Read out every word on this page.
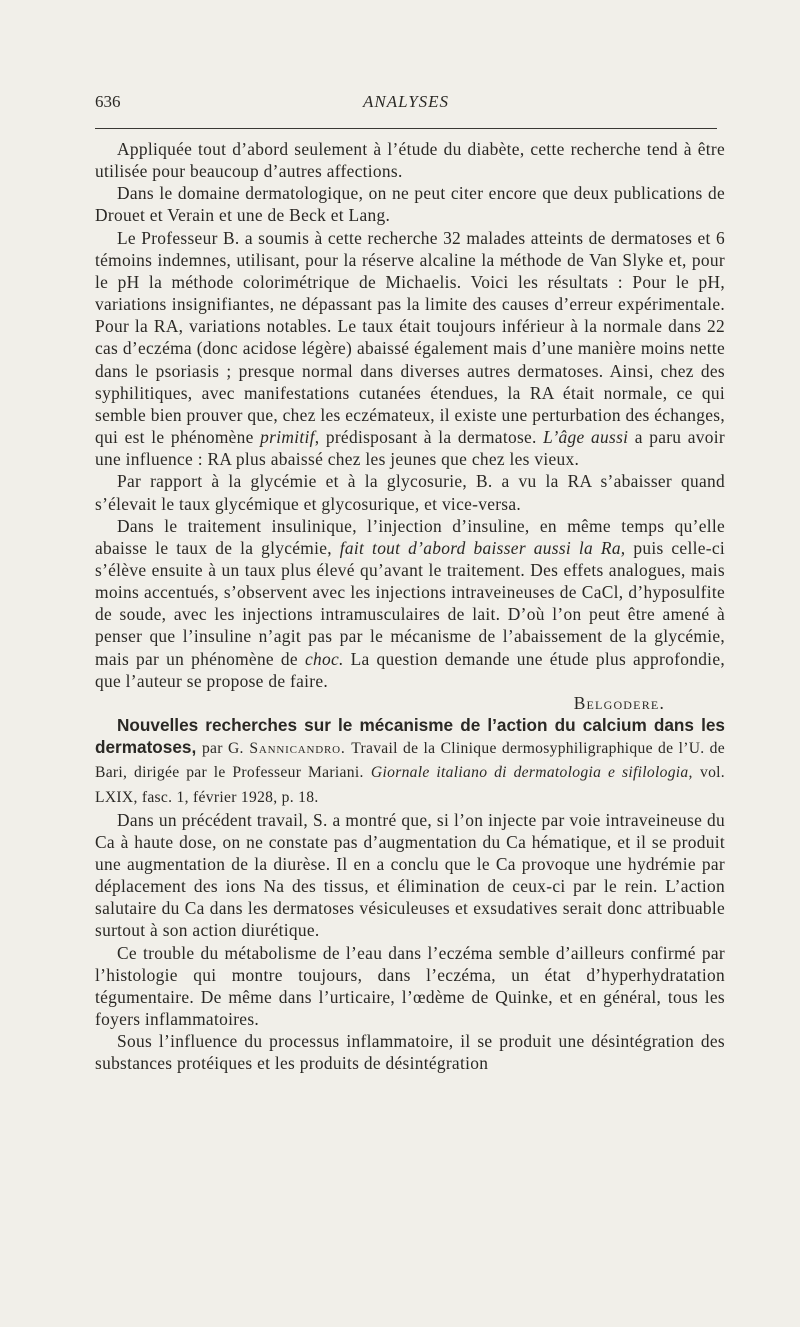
636	ANALYSES

Appliquée tout d’abord seulement à l’étude du diabète, cette recherche tend à être utilisée pour beaucoup d’autres affections.

Dans le domaine dermatologique, on ne peut citer encore que deux publications de Drouet et Verain et une de Beck et Lang.

Le Professeur B. a soumis à cette recherche 32 malades atteints de dermatoses et 6 témoins indemnes, utilisant, pour la réserve alcaline la méthode de Van Slyke et, pour le pH la méthode colorimétrique de Michaelis. Voici les résultats : Pour le pH, variations insignifiantes, ne dépassant pas la limite des causes d’erreur expérimentale. Pour la RA, variations notables. Le taux était toujours inférieur à la normale dans 22 cas d’eczéma (donc acidose légère) abaissé également mais d’une manière moins nette dans le psoriasis ; presque normal dans diverses autres dermatoses. Ainsi, chez des syphilitiques, avec manifestations cutanées étendues, la RA était normale, ce qui semble bien prouver que, chez les eczémateux, il existe une perturbation des échanges, qui est le phénomène primitif, prédisposant à la dermatose. L’âge aussi a paru avoir une influence : RA plus abaissé chez les jeunes que chez les vieux.

Par rapport à la glycémie et à la glycosurie, B. a vu la RA s’abaisser quand s’élevait le taux glycémique et glycosurique, et vice-versa.

Dans le traitement insulinique, l’injection d’insuline, en même temps qu’elle abaisse le taux de la glycémie, fait tout d’abord baisser aussi la Ra, puis celle-ci s’élève ensuite à un taux plus élevé qu’avant le traitement. Des effets analogues, mais moins accentués, s’observent avec les injections intraveineuses de CaCl, d’hyposulfite de soude, avec les injections intramusculaires de lait. D’où l’on peut être amené à penser que l’insuline n’agit pas par le mécanisme de l’abaissement de la glycémie, mais par un phénomène de choc. La question demande une étude plus approfondie, que l’auteur se propose de faire.

Belgodere.

Nouvelles recherches sur le mécanisme de l’action du calcium dans les dermatoses, par G. Sannicandro. Travail de la Clinique dermosyphiligraphique de l’U. de Bari, dirigée par le Professeur Mariani. Giornale italiano di dermatologia e sifilologia, vol. LXIX, fasc. 1, février 1928, p. 18.

Dans un précédent travail, S. a montré que, si l’on injecte par voie intraveineuse du Ca à haute dose, on ne constate pas d’augmentation du Ca hématique, et il se produit une augmentation de la diurèse. Il en a conclu que le Ca provoque une hydrémie par déplacement des ions Na des tissus, et élimination de ceux-ci par le rein. L’action salutaire du Ca dans les dermatoses vésiculeuses et exsudatives serait donc attribuable surtout à son action diurétique.

Ce trouble du métabolisme de l’eau dans l’eczéma semble d’ailleurs confirmé par l’histologie qui montre toujours, dans l’eczéma, un état d’hyperhydratation tégumentaire. De même dans l’urticaire, l’œdème de Quinke, et en général, tous les foyers inflammatoires.

Sous l’influence du processus inflammatoire, il se produit une désintégration des substances protéiques et les produits de désintégration
